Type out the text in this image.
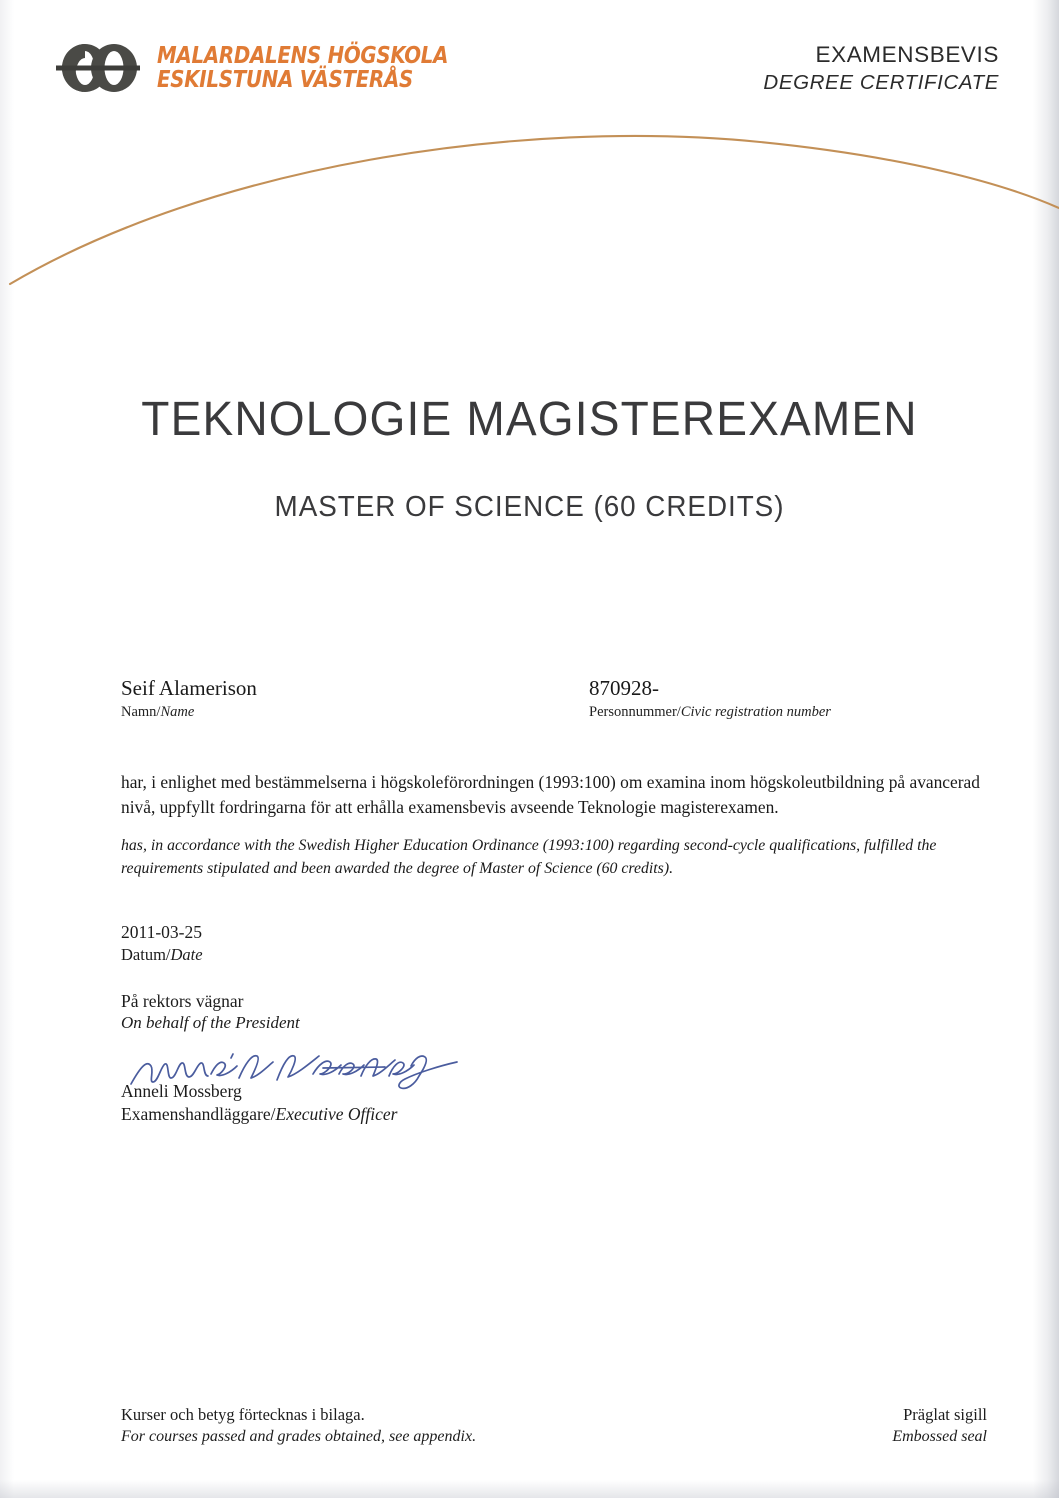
MALARDALENS HÖGSKOLA
ESKILSTUNA VÄSTERÅS
EXAMENSBEVIS
DEGREE CERTIFICATE
TEKNOLOGIE MAGISTEREXAMEN
MASTER OF SCIENCE (60 CREDITS)
Seif Alamerison
Namn/Name
870928-
Personnummer/Civic registration number
har, i enlighet med bestämmelserna i högskoleförordningen (1993:100) om examina inom högskoleutbildning på avancerad nivå, uppfyllt fordringarna för att erhålla examensbevis avseende Teknologie magisterexamen.
has, in accordance with the Swedish Higher Education Ordinance (1993:100) regarding second-cycle qualifications, fulfilled the requirements stipulated and been awarded the degree of Master of Science (60 credits).
2011-03-25
Datum/Date
På rektors vägnar
On behalf of the President
Anneli Mossberg
Examenshandläggare/Executive Officer
Kurser och betyg förtecknas i bilaga.
For courses passed and grades obtained, see appendix.
Präglat sigill
Embossed seal
